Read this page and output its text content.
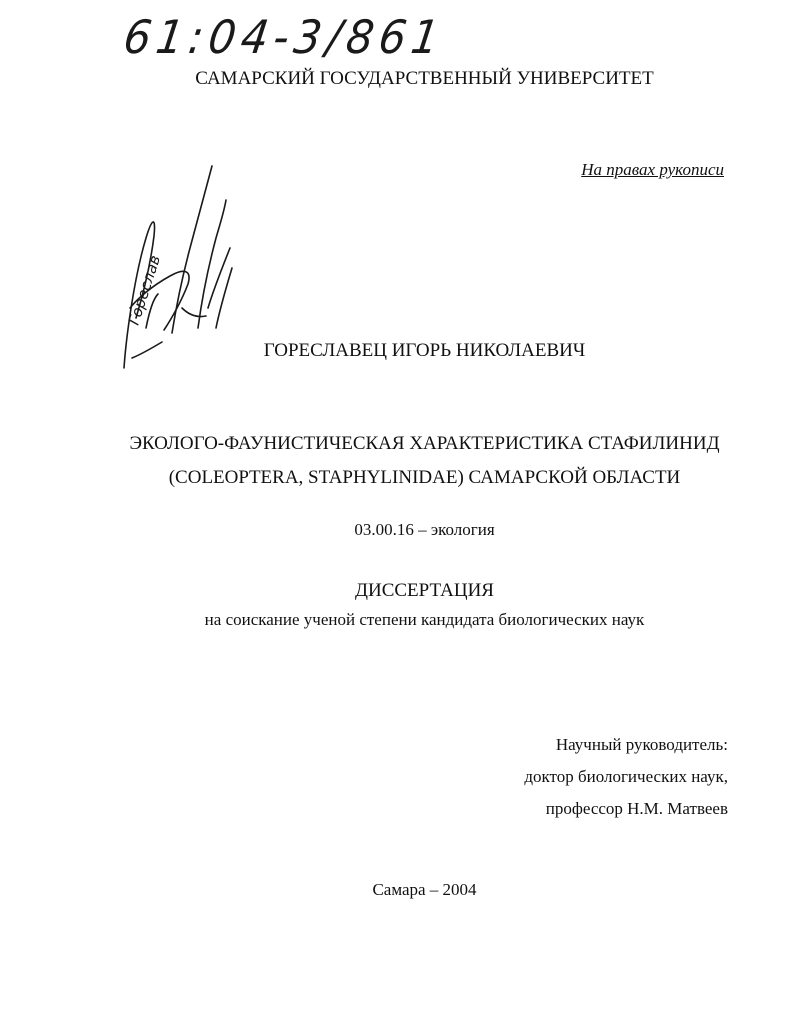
61:04-3/861
САМАРСКИЙ ГОСУДАРСТВЕННЫЙ УНИВЕРСИТЕТ
На правах рукописи
Гореслав
ГОРЕСЛАВЕЦ ИГОРЬ НИКОЛАЕВИЧ
ЭКОЛОГО-ФАУНИСТИЧЕСКАЯ ХАРАКТЕРИСТИКА СТАФИЛИНИД
(COLEOPTERA, STAPHYLINIDAE) САМАРСКОЙ ОБЛАСТИ
03.00.16 – экология
ДИССЕРТАЦИЯ
на соискание ученой степени кандидата биологических наук
Научный руководитель:
доктор биологических наук,
профессор Н.М. Матвеев
Самара – 2004
